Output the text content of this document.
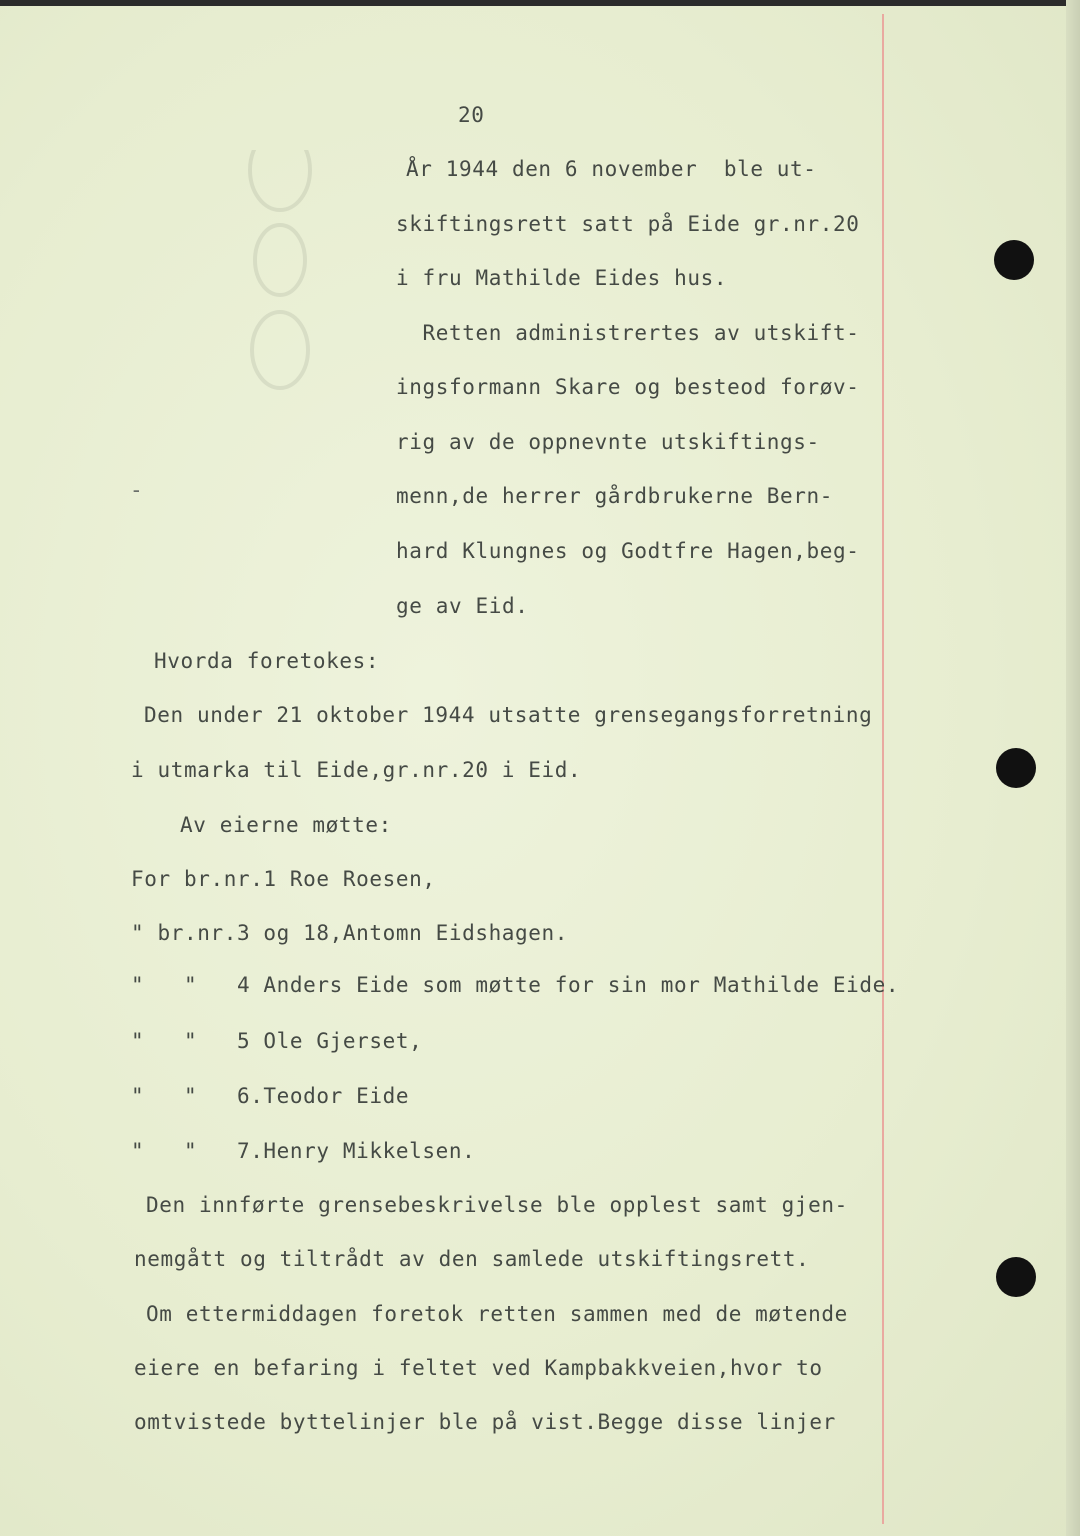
20
-
År 1944 den 6 november  ble ut-
skiftingsrett satt på Eide gr.nr.20
i fru Mathilde Eides hus.
Retten administrertes av utskift-
ingsformann Skare og besteod forøv-
rig av de oppnevnte utskiftings-
menn,de herrer gårdbrukerne Bern-
hard Klungnes og Godtfre Hagen,beg-
ge av Eid.
Hvorda foretokes:
Den under 21 oktober 1944 utsatte grensegangsforretning
i utmarka til Eide,gr.nr.20 i Eid.
Av eierne møtte:
For br.nr.1 Roe Roesen,
" br.nr.3 og 18,Antomn Eidshagen.
"   "   4 Anders Eide som møtte for sin mor Mathilde Eide.
"   "   5 Ole Gjerset,
"   "   6.Teodor Eide
"   "   7.Henry Mikkelsen.
Den innførte grensebeskrivelse ble opplest samt gjen-
nemgått og tiltrådt av den samlede utskiftingsrett.
Om ettermiddagen foretok retten sammen med de møtende
eiere en befaring i feltet ved Kampbakkveien,hvor to
omtvistede byttelinjer ble på vist.Begge disse linjer
